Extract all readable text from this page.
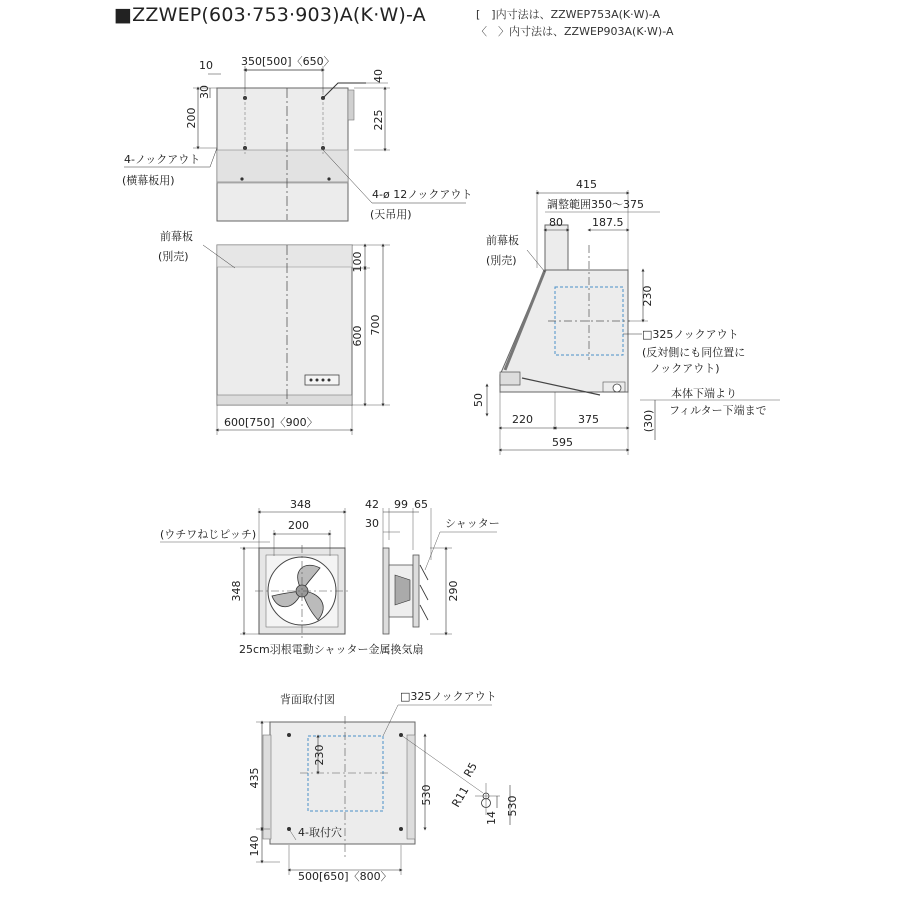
■ZZWEP(603·753·903)A(K·W)-A	[　]内寸法は、ZZWEP753A(K·W)-A
〈　〉内寸法は、ZZWEP903A(K·W)-A
350[500]〈650〉
10
200
30
225
40
4-ノックアウト
(横幕板用)
4-ø 12ノックアウト
(天吊用)
前幕板
(別売)	100
600
700
600[750]〈900〉
415
調整範囲350～375
80	187.5
230
前幕板
(別売)
□325ノックアウト
(反対側にも同位置に
ノックアウト)
50
220	375
595
(30)
本体下端より
フィルター下端まで
348
200
(ウチワねじピッチ)
348
42 99 65
30	シャッター
290
25cm羽根電動シャッター金属換気扇
背面取付図	□325ノックアウト
230
435
140
530
4-取付穴
500[650]〈800〉
R5
R11
14
530
